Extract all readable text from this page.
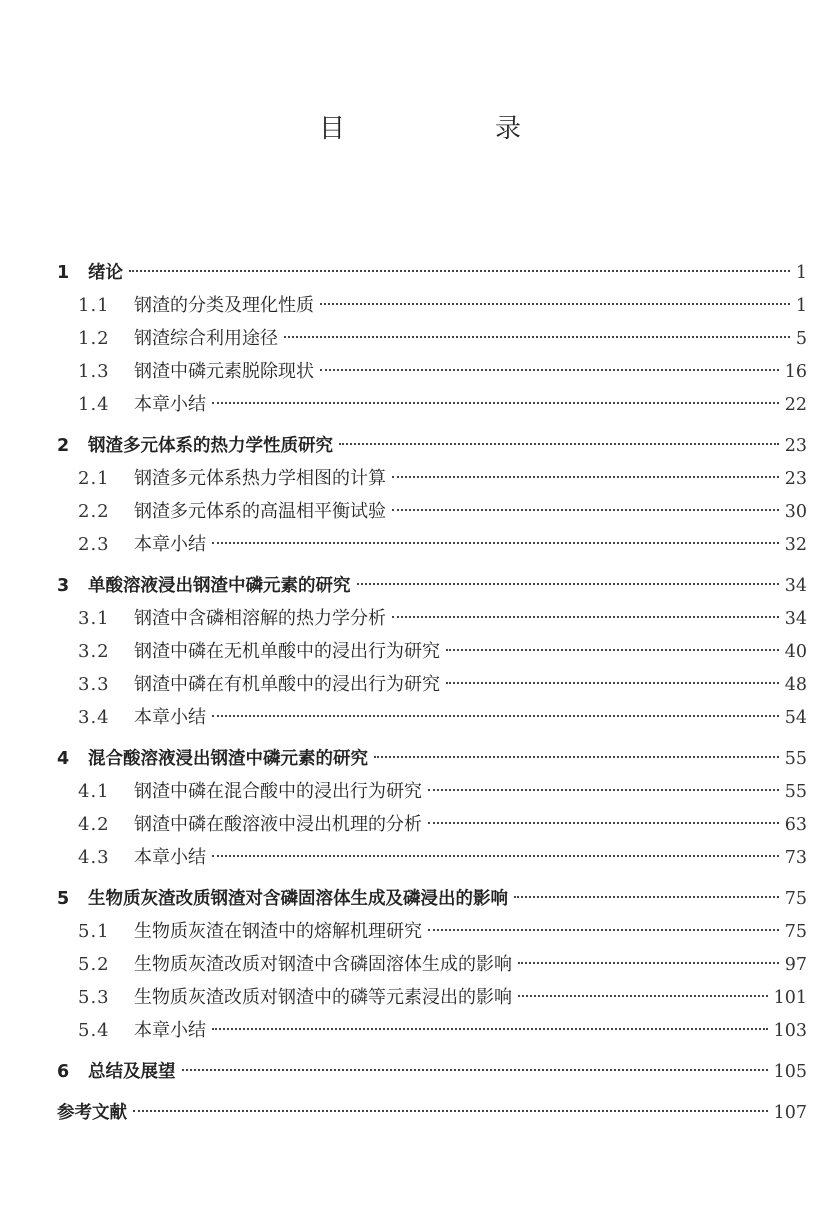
目　录
1	绪论	1
1.1	钢渣的分类及理化性质	1
1.2	钢渣综合利用途径	5
1.3	钢渣中磷元素脱除现状	16
1.4	本章小结	22
2	钢渣多元体系的热力学性质研究	23
2.1	钢渣多元体系热力学相图的计算	23
2.2	钢渣多元体系的高温相平衡试验	30
2.3	本章小结	32
3	单酸溶液浸出钢渣中磷元素的研究	34
3.1	钢渣中含磷相溶解的热力学分析	34
3.2	钢渣中磷在无机单酸中的浸出行为研究	40
3.3	钢渣中磷在有机单酸中的浸出行为研究	48
3.4	本章小结	54
4	混合酸溶液浸出钢渣中磷元素的研究	55
4.1	钢渣中磷在混合酸中的浸出行为研究	55
4.2	钢渣中磷在酸溶液中浸出机理的分析	63
4.3	本章小结	73
5	生物质灰渣改质钢渣对含磷固溶体生成及磷浸出的影响	75
5.1	生物质灰渣在钢渣中的熔解机理研究	75
5.2	生物质灰渣改质对钢渣中含磷固溶体生成的影响	97
5.3	生物质灰渣改质对钢渣中的磷等元素浸出的影响	101
5.4	本章小结	103
6	总结及展望	105
参考文献	107
